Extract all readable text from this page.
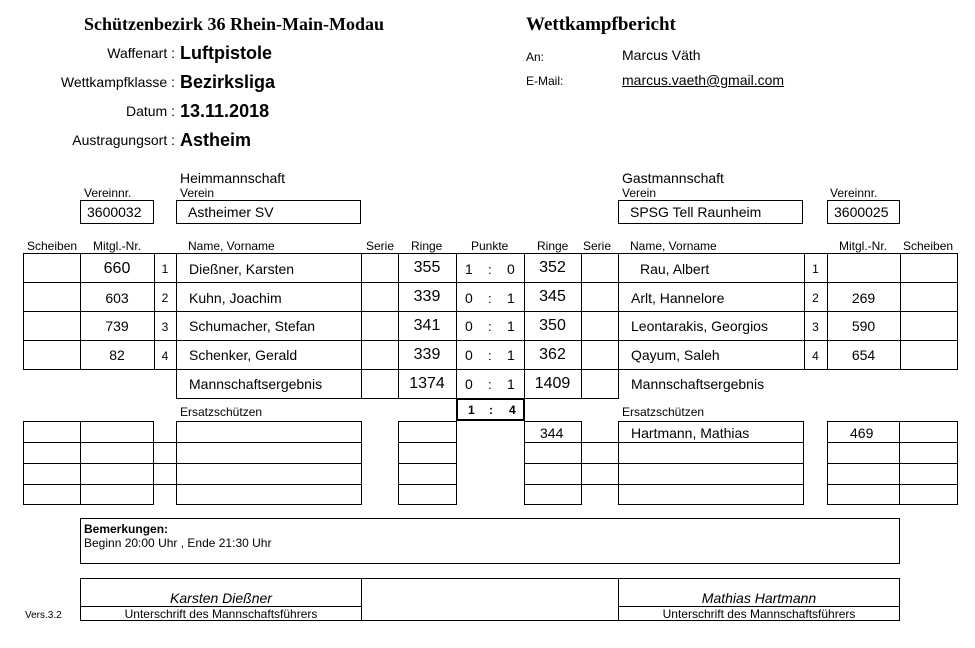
Schützenbezirk 36 Rhein-Main-Modau	Wettkampfbericht
Waffenart : Luftpistole
Wettkampfklasse : Bezirksliga
Datum : 13.11.2018
Austragungsort : Astheim
An:	Marcus Väth
E-Mail:	marcus.vaeth@gmail.com
Heimmannschaft
Vereinnr.	Verein
3600032	Astheimer SV
Gastmannschaft
Verein	Vereinnr.
SPSG Tell Raunheim	3600025
Scheiben Mitgl.-Nr.	Name, Vorname	Serie Ringe Punkte Ringe Serie Name, Vorname	Mitgl.-Nr. Scheiben
660	1	Dießner, Karsten	355	1 : 0	352	Rau, Albert	1
603	2	Kuhn, Joachim	339	0 : 1	345	Arlt, Hannelore	2	269
739	3	Schumacher, Stefan	341	0 : 1	350	Leontarakis, Georgios	3	590
82	4	Schenker, Gerald	339	0 : 1	362	Qayum, Saleh	4	654
Mannschaftsergebnis	1374	0 : 1	1409	Mannschaftsergebnis
1 : 4
Ersatzschützen	Ersatzschützen
344	Hartmann, Mathias	469
Bemerkungen:
Beginn 20:00 Uhr , Ende 21:30 Uhr
Karsten Dießner	Mathias Hartmann
Unterschrift des Mannschaftsführers	Unterschrift des Mannschaftsführers
Vers.3.2
